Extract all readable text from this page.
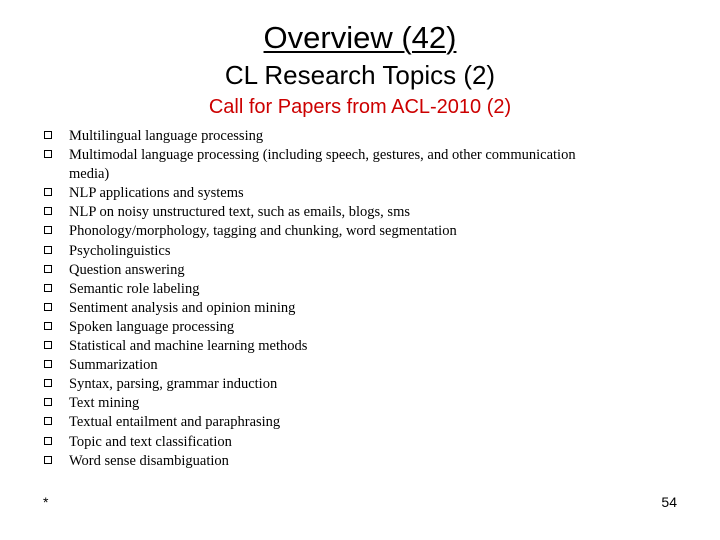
Overview (42)
CL Research Topics (2)
Call for Papers from ACL-2010 (2)
Multilingual language processing
Multimodal language processing (including speech, gestures, and other communication media)
NLP applications and systems
NLP on noisy unstructured text, such as emails, blogs, sms
Phonology/morphology, tagging and chunking, word segmentation
Psycholinguistics
Question answering
Semantic role labeling
Sentiment analysis and opinion mining
Spoken language processing
Statistical and machine learning methods
Summarization
Syntax, parsing, grammar induction
Text mining
Textual entailment and paraphrasing
Topic and text classification
Word sense disambiguation
*	54
